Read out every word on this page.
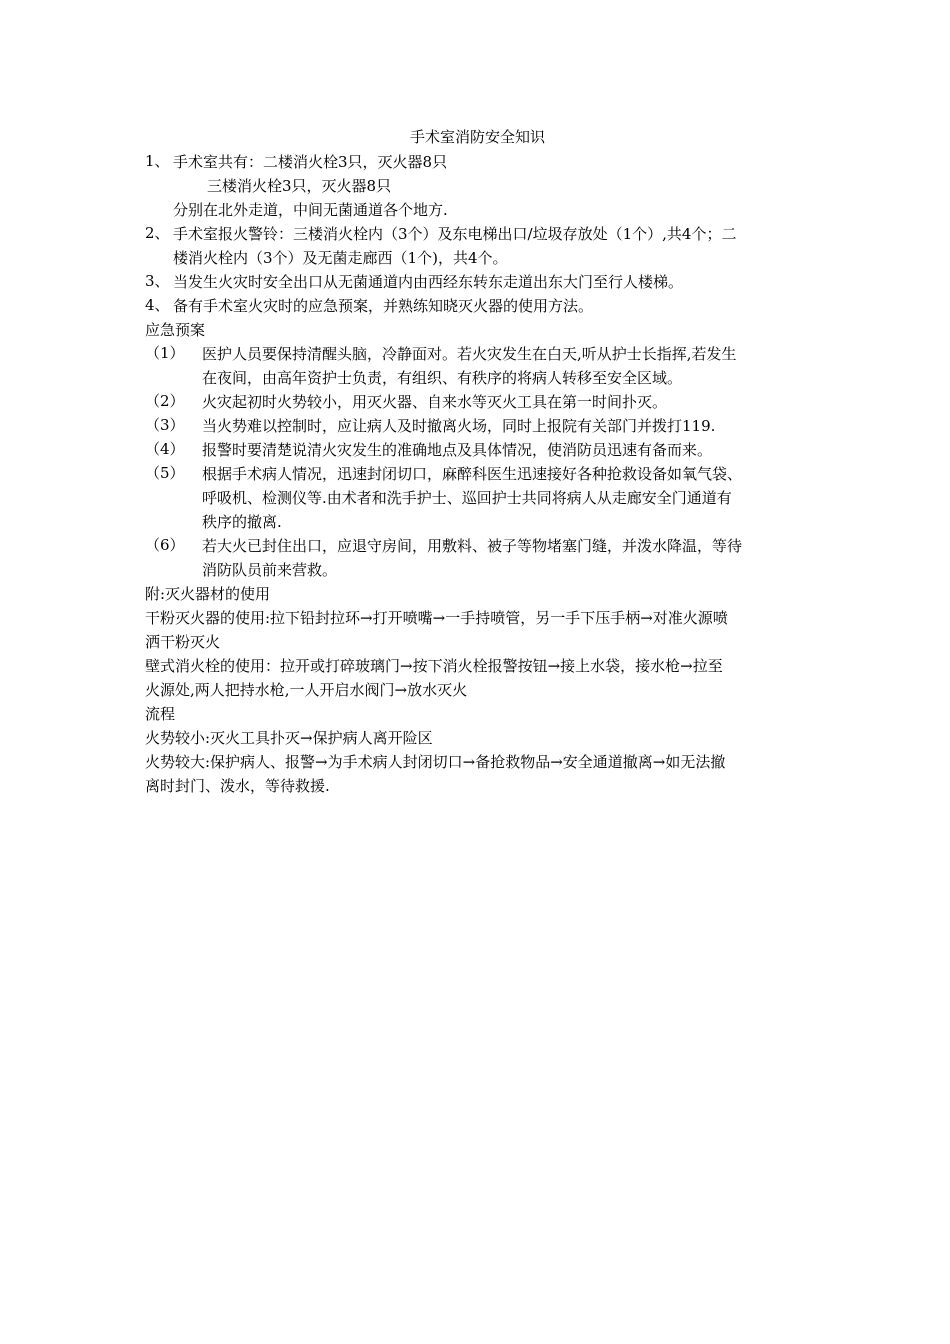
手术室消防安全知识
1、 手术室共有：二楼消火栓3只，灭火器8只
三楼消火栓3只，灭火器8只
分别在北外走道，中间无菌通道各个地方.
2、 手术室报火警铃：三楼消火栓内（3个）及东电梯出口/垃圾存放处（1个）,共4个；二
楼消火栓内（3个）及无菌走廊西（1个)，共4个。
3、 当发生火灾时安全出口从无菌通道内由西经东转东走道出东大门至行人楼梯。
4、 备有手术室火灾时的应急预案，并熟练知晓灭火器的使用方法。
应急预案
（1）	医护人员要保持清醒头脑，冷静面对。若火灾发生在白天,听从护士长指挥,若发生
在夜间，由高年资护士负责，有组织、有秩序的将病人转移至安全区域。
（2）	火灾起初时火势较小，用灭火器、自来水等灭火工具在第一时间扑灭。
（3）	当火势难以控制时，应让病人及时撤离火场，同时上报院有关部门并拨打119.
（4）	报警时要清楚说清火灾发生的准确地点及具体情况，使消防员迅速有备而来。
（5）	根据手术病人情况，迅速封闭切口，麻醉科医生迅速接好各种抢救设备如氧气袋、
呼吸机、检测仪等.由术者和洗手护士、巡回护士共同将病人从走廊安全门通道有
秩序的撤离.
（6）	若大火已封住出口，应退守房间，用敷料、被子等物堵塞门缝，并泼水降温，等待
消防队员前来营救。
附:灭火器材的使用
干粉灭火器的使用:拉下铅封拉环→打开喷嘴→一手持喷管，另一手下压手柄→对准火源喷
洒干粉灭火
壁式消火栓的使用：拉开或打碎玻璃门→按下消火栓报警按钮→接上水袋，接水枪→拉至
火源处,两人把持水枪,一人开启水阀门→放水灭火
流程
火势较小:灭火工具扑灭→保护病人离开险区
火势较大:保护病人、报警→为手术病人封闭切口→备抢救物品→安全通道撤离→如无法撤
离时封门、泼水，等待救援.
